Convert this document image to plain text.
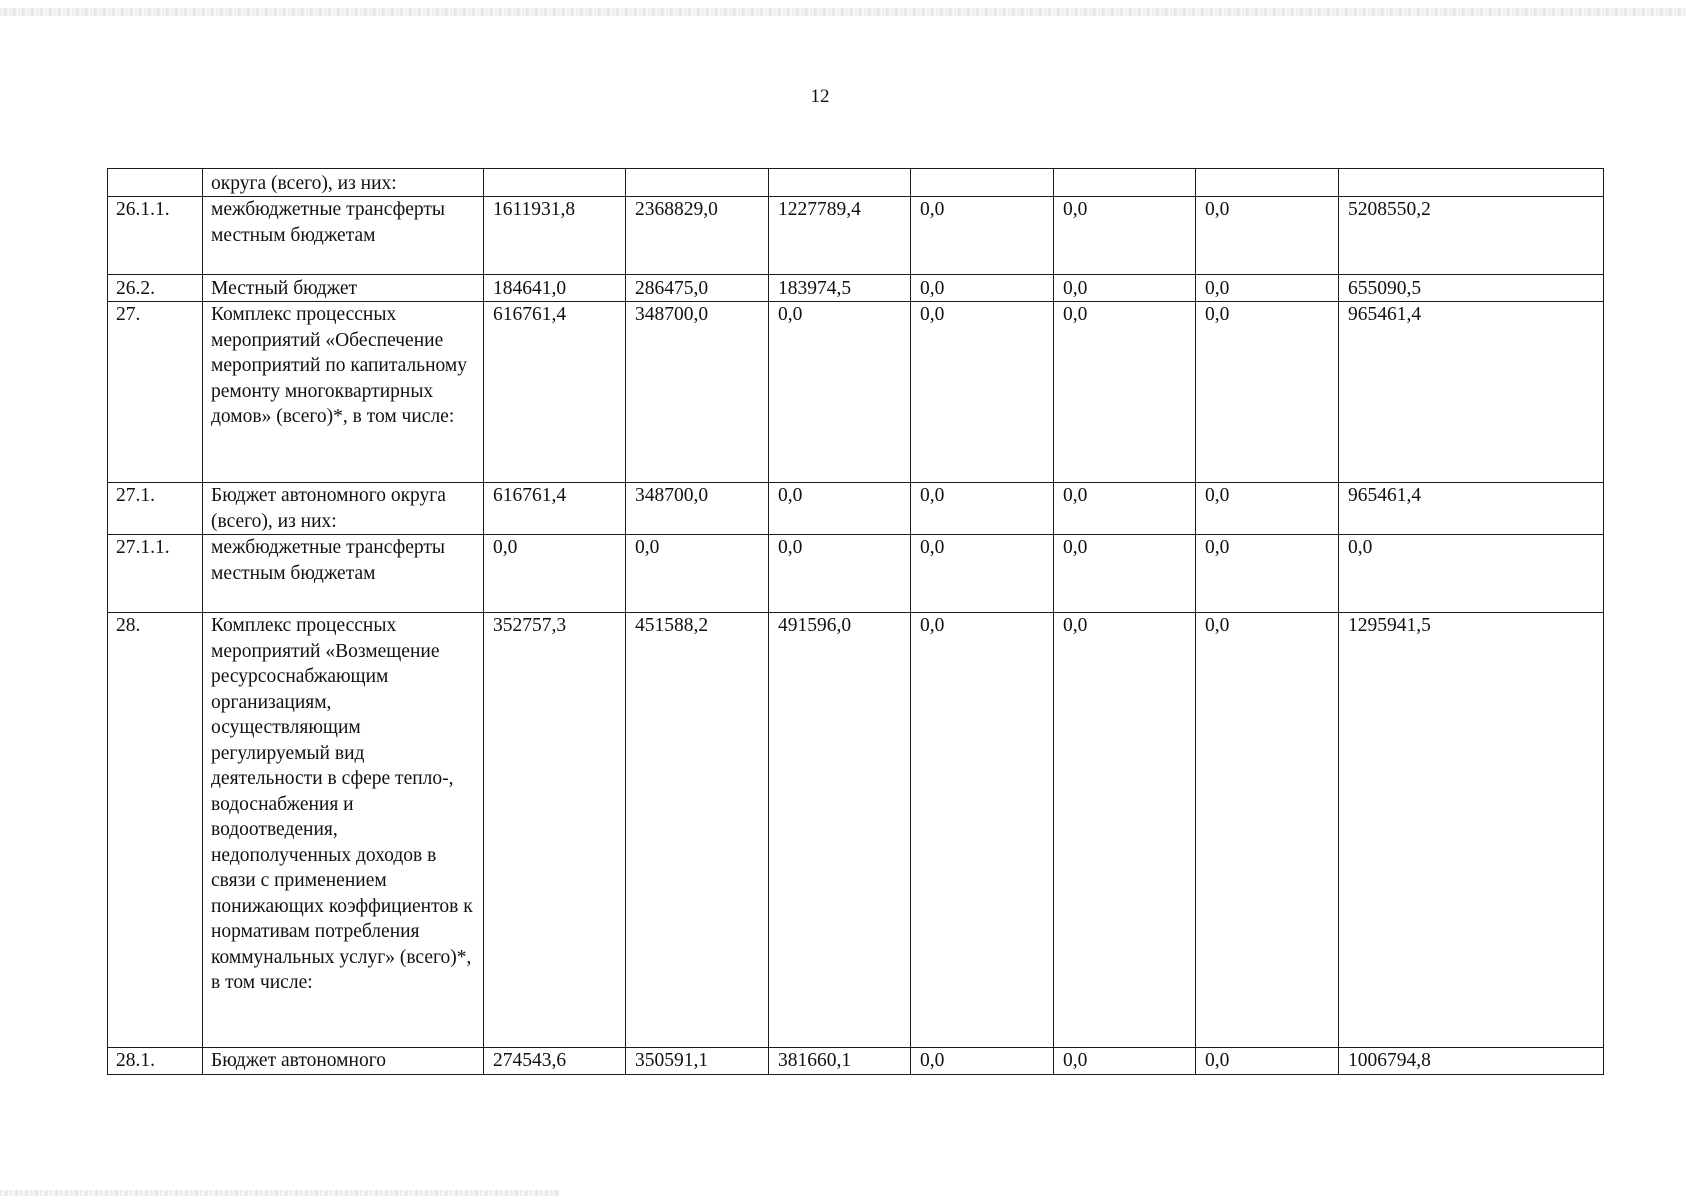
12
	округа (всего), из них:							
26.1.1.	межбюджетные трансферты местным бюджетам	1611931,8	2368829,0	1227789,4	0,0	0,0	0,0	5208550,2
26.2.	Местный бюджет	184641,0	286475,0	183974,5	0,0	0,0	0,0	655090,5
27.	Комплекс процессных мероприятий «Обеспечение мероприятий по капитальному ремонту многоквартирных домов» (всего)*, в том числе:	616761,4	348700,0	0,0	0,0	0,0	0,0	965461,4
27.1.	Бюджет автономного округа (всего), из них:	616761,4	348700,0	0,0	0,0	0,0	0,0	965461,4
27.1.1.	межбюджетные трансферты местным бюджетам	0,0	0,0	0,0	0,0	0,0	0,0	0,0
28.	Комплекс процессных мероприятий «Возмещение ресурсоснабжающим организациям, осуществляющим регулируемый вид деятельности в сфере тепло-, водоснабжения и водоотведения, недополученных доходов в связи с применением понижающих коэффициентов к нормативам потребления коммунальных услуг» (всего)*, в том числе:	352757,3	451588,2	491596,0	0,0	0,0	0,0	1295941,5
28.1.	Бюджет автономного	274543,6	350591,1	381660,1	0,0	0,0	0,0	1006794,8
